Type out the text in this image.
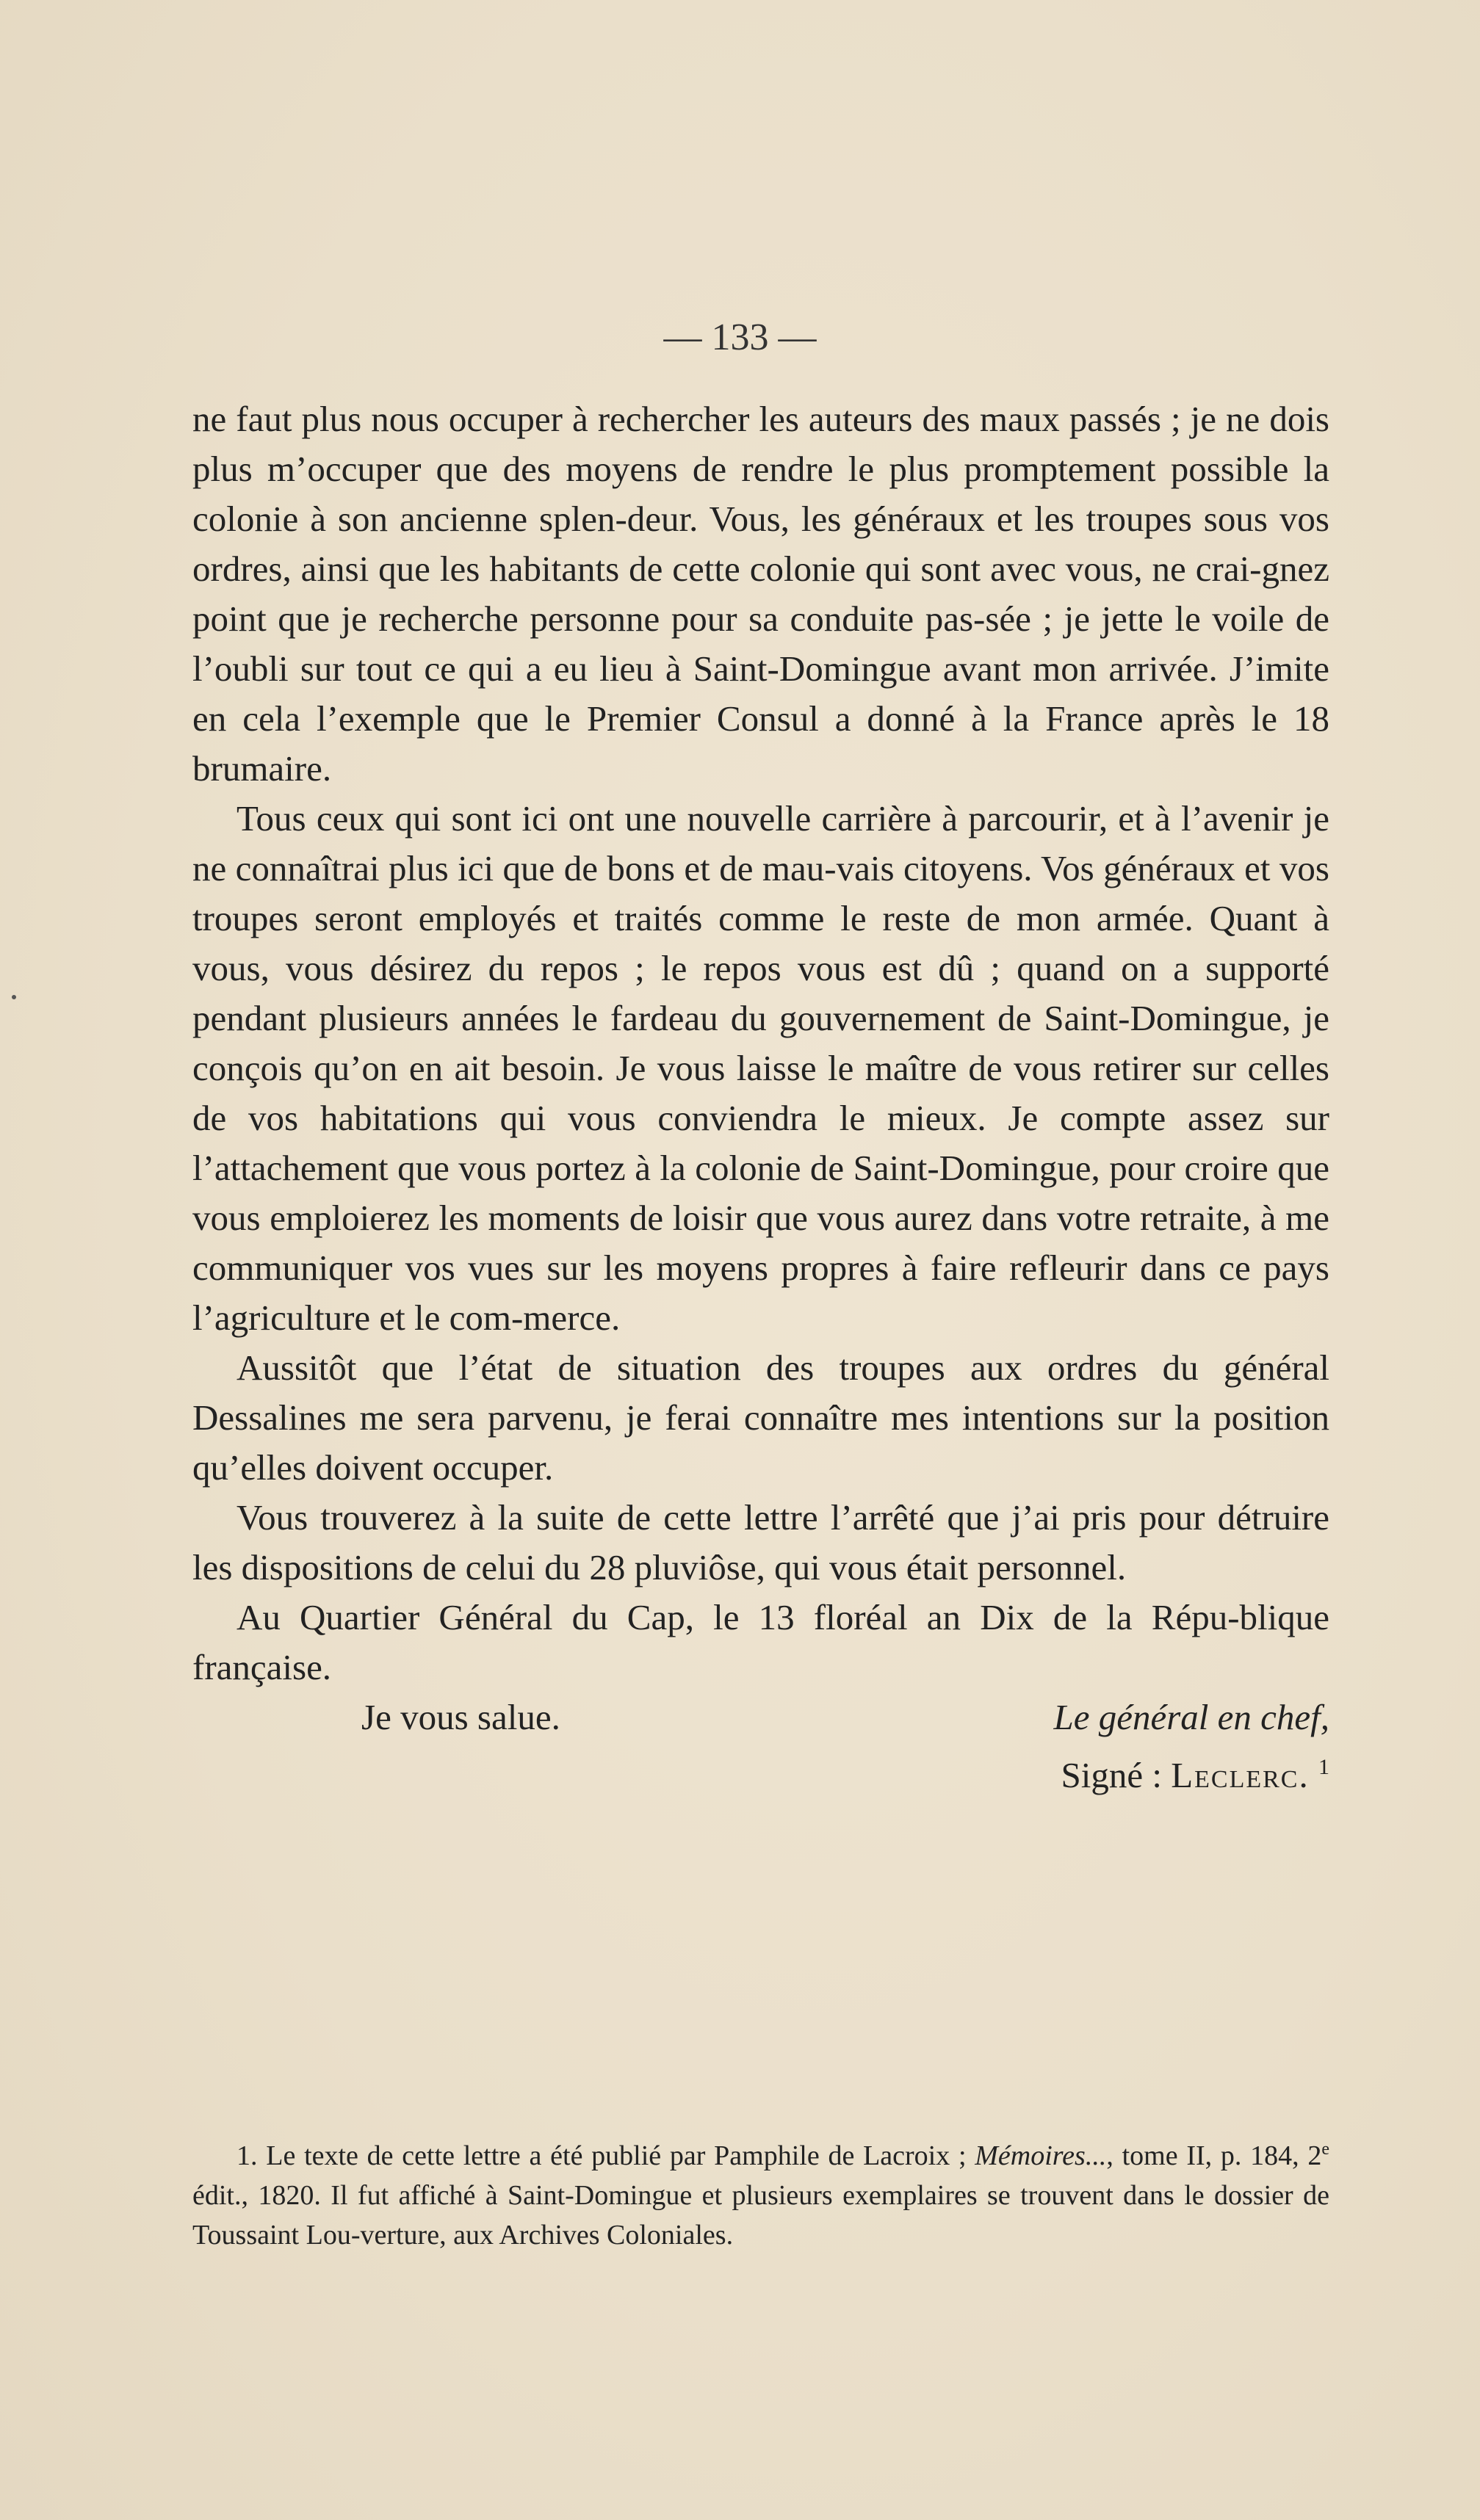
— 133 —

ne faut plus nous occuper à rechercher les auteurs des maux passés ; je ne dois plus m’occuper que des moyens de rendre le plus promptement possible la colonie à son ancienne splen-deur. Vous, les généraux et les troupes sous vos ordres, ainsi que les habitants de cette colonie qui sont avec vous, ne crai-gnez point que je recherche personne pour sa conduite pas-sée ; je jette le voile de l’oubli sur tout ce qui a eu lieu à Saint-Domingue avant mon arrivée. J’imite en cela l’exemple que le Premier Consul a donné à la France après le 18 brumaire.

Tous ceux qui sont ici ont une nouvelle carrière à parcourir, et à l’avenir je ne connaîtrai plus ici que de bons et de mau-vais citoyens. Vos généraux et vos troupes seront employés et traités comme le reste de mon armée. Quant à vous, vous désirez du repos ; le repos vous est dû ; quand on a supporté pendant plusieurs années le fardeau du gouvernement de Saint-Domingue, je conçois qu’on en ait besoin. Je vous laisse le maître de vous retirer sur celles de vos habitations qui vous conviendra le mieux. Je compte assez sur l’attachement que vous portez à la colonie de Saint-Domingue, pour croire que vous emploierez les moments de loisir que vous aurez dans votre retraite, à me communiquer vos vues sur les moyens propres à faire refleurir dans ce pays l’agriculture et le com-merce.

Aussitôt que l’état de situation des troupes aux ordres du général Dessalines me sera parvenu, je ferai connaître mes intentions sur la position qu’elles doivent occuper.

Vous trouverez à la suite de cette lettre l’arrêté que j’ai pris pour détruire les dispositions de celui du 28 pluviôse, qui vous était personnel.

Au Quartier Général du Cap, le 13 floréal an Dix de la Répu-blique française.

Je vous salue.	Le général en chef,
Signé : Leclerc. $^1$
1. Le texte de cette lettre a été publié par Pamphile de Lacroix ; Mémoires..., tome II, p. 184, 2e édit., 1820. Il fut affiché à Saint-Domingue et plusieurs exemplaires se trouvent dans le dossier de Toussaint Lou-verture, aux Archives Coloniales.
